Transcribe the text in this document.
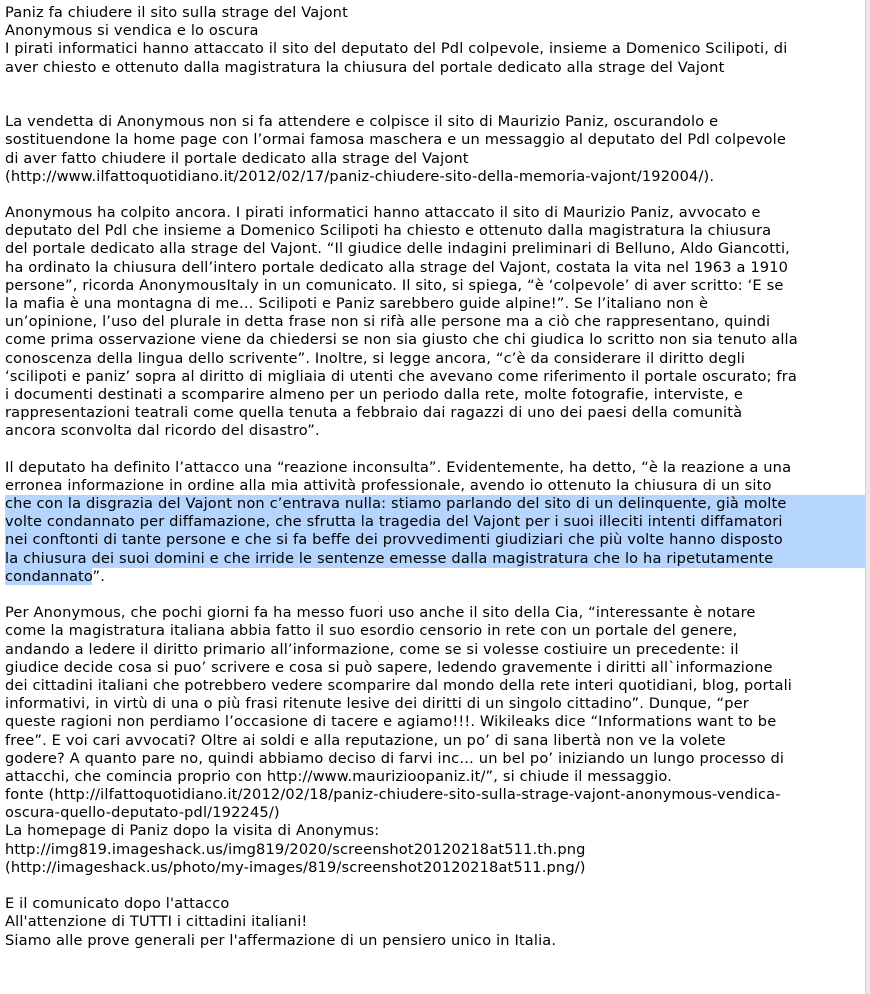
Paniz fa chiudere il sito sulla strage del Vajont
Anonymous si vendica e lo oscura
I pirati informatici hanno attaccato il sito del deputato del Pdl colpevole, insieme a Domenico Scilipoti, di
aver chiesto e ottenuto dalla magistratura la chiusura del portale dedicato alla strage del Vajont
La vendetta di Anonymous non si fa attendere e colpisce il sito di Maurizio Paniz, oscurandolo e
sostituendone la home page con l’ormai famosa maschera e un messaggio al deputato del Pdl colpevole
di aver fatto chiudere il portale dedicato alla strage del Vajont
(http://www.ilfattoquotidiano.it/2012/02/17/paniz-chiudere-sito-della-memoria-vajont/192004/).
Anonymous ha colpito ancora. I pirati informatici hanno attaccato il sito di Maurizio Paniz, avvocato e
deputato del Pdl che insieme a Domenico Scilipoti ha chiesto e ottenuto dalla magistratura la chiusura
del portale dedicato alla strage del Vajont. “Il giudice delle indagini preliminari di Belluno, Aldo Giancotti,
ha ordinato la chiusura dell’intero portale dedicato alla strage del Vajont, costata la vita nel 1963 a 1910
persone”, ricorda AnonymousItaly in un comunicato. Il sito, si spiega, “è ‘colpevole’ di aver scritto: ‘E se
la mafia è una montagna di me… Scilipoti e Paniz sarebbero guide alpine!”. Se l’italiano non è
un’opinione, l’uso del plurale in detta frase non si rifà alle persone ma a ciò che rappresentano, quindi
come prima osservazione viene da chiedersi se non sia giusto che chi giudica lo scritto non sia tenuto alla
conoscenza della lingua dello scrivente”. Inoltre, si legge ancora, “c’è da considerare il diritto degli
‘scilipoti e paniz’ sopra al diritto di migliaia di utenti che avevano come riferimento il portale oscurato; fra
i documenti destinati a scomparire almeno per un periodo dalla rete, molte fotografie, interviste, e
rappresentazioni teatrali come quella tenuta a febbraio dai ragazzi di uno dei paesi della comunità
ancora sconvolta dal ricordo del disastro”.
Il deputato ha definito l’attacco una “reazione inconsulta”. Evidentemente, ha detto, “è la reazione a una
erronea informazione in ordine alla mia attività professionale, avendo io ottenuto la chiusura di un sito
che con la disgrazia del Vajont non c’entrava nulla: stiamo parlando del sito di un delinquente, già molte
volte condannato per diffamazione, che sfrutta la tragedia del Vajont per i suoi illeciti intenti diffamatori
nei conftonti di tante persone e che si fa beffe dei provvedimenti giudiziari che più volte hanno disposto
la chiusura dei suoi domini e che irride le sentenze emesse dalla magistratura che lo ha ripetutamente
condannato”.
Per Anonymous, che pochi giorni fa ha messo fuori uso anche il sito della Cia, “interessante è notare
come la magistratura italiana abbia fatto il suo esordio censorio in rete con un portale del genere,
andando a ledere il diritto primario all’informazione, come se si volesse costiuire un precedente: il
giudice decide cosa si puo’ scrivere e cosa si può sapere, ledendo gravemente i diritti all`informazione
dei cittadini italiani che potrebbero vedere scomparire dal mondo della rete interi quotidiani, blog, portali
informativi, in virtù di una o più frasi ritenute lesive dei diritti di un singolo cittadino”. Dunque, “per
queste ragioni non perdiamo l’occasione di tacere e agiamo!!!. Wikileaks dice “Informations want to be
free”. E voi cari avvocati? Oltre ai soldi e alla reputazione, un po’ di sana libertà non ve la volete
godere? A quanto pare no, quindi abbiamo deciso di farvi inc… un bel po’ iniziando un lungo processo di
attacchi, che comincia proprio con http://www.maurizioopaniz.it/”, si chiude il messaggio.
fonte (http://ilfattoquotidiano.it/2012/02/18/paniz-chiudere-sito-sulla-strage-vajont-anonymous-vendica-
oscura-quello-deputato-pdl/192245/)
La homepage di Paniz dopo la visita di Anonymus:
http://img819.imageshack.us/img819/2020/screenshot20120218at511.th.png
(http://imageshack.us/photo/my-images/819/screenshot20120218at511.png/)
E il comunicato dopo l'attacco
All'attenzione di TUTTI i cittadini italiani!
Siamo alle prove generali per l'affermazione di un pensiero unico in Italia.
